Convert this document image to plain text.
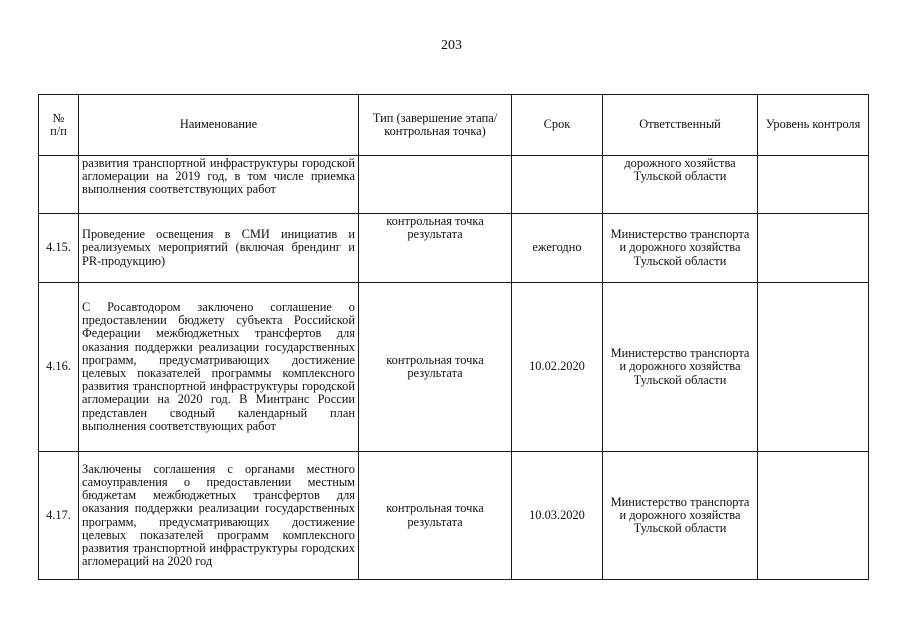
203
№
п/п	Наименование	Тип (завершение этапа/контрольная точка)	Срок	Ответственный	Уровень контроля
	развития транспортной инфраструктуры городской агломерации на 2019 год, в том числе приемка выполнения соответствующих работ			дорожного хозяйства Тульской области	
4.15.	Проведение освещения в СМИ инициатив и реализуемых мероприятий (включая брендинг и PR-продукцию)	контрольная точка результата	ежегодно	Министерство транспорта и дорожного хозяйства Тульской области	
4.16.	С Росавтодором заключено соглашение о предоставлении бюджету субъекта Российской Федерации межбюджетных трансфертов для оказания поддержки реализации государственных программ, предусматривающих достижение целевых показателей программы комплексного развития транспортной инфраструктуры городской агломерации на 2020 год. В Минтранс России представлен сводный календарный план выполнения соответствующих работ	контрольная точка результата	10.02.2020	Министерство транспорта и дорожного хозяйства Тульской области	
4.17.	Заключены соглашения с органами местного самоуправления о предоставлении местным бюджетам межбюджетных трансфертов для оказания поддержки реализации государственных программ, предусматривающих достижение целевых показателей программ комплексного развития транспортной инфраструктуры городских агломераций на 2020 год	контрольная точка результата	10.03.2020	Министерство транспорта и дорожного хозяйства Тульской области	
